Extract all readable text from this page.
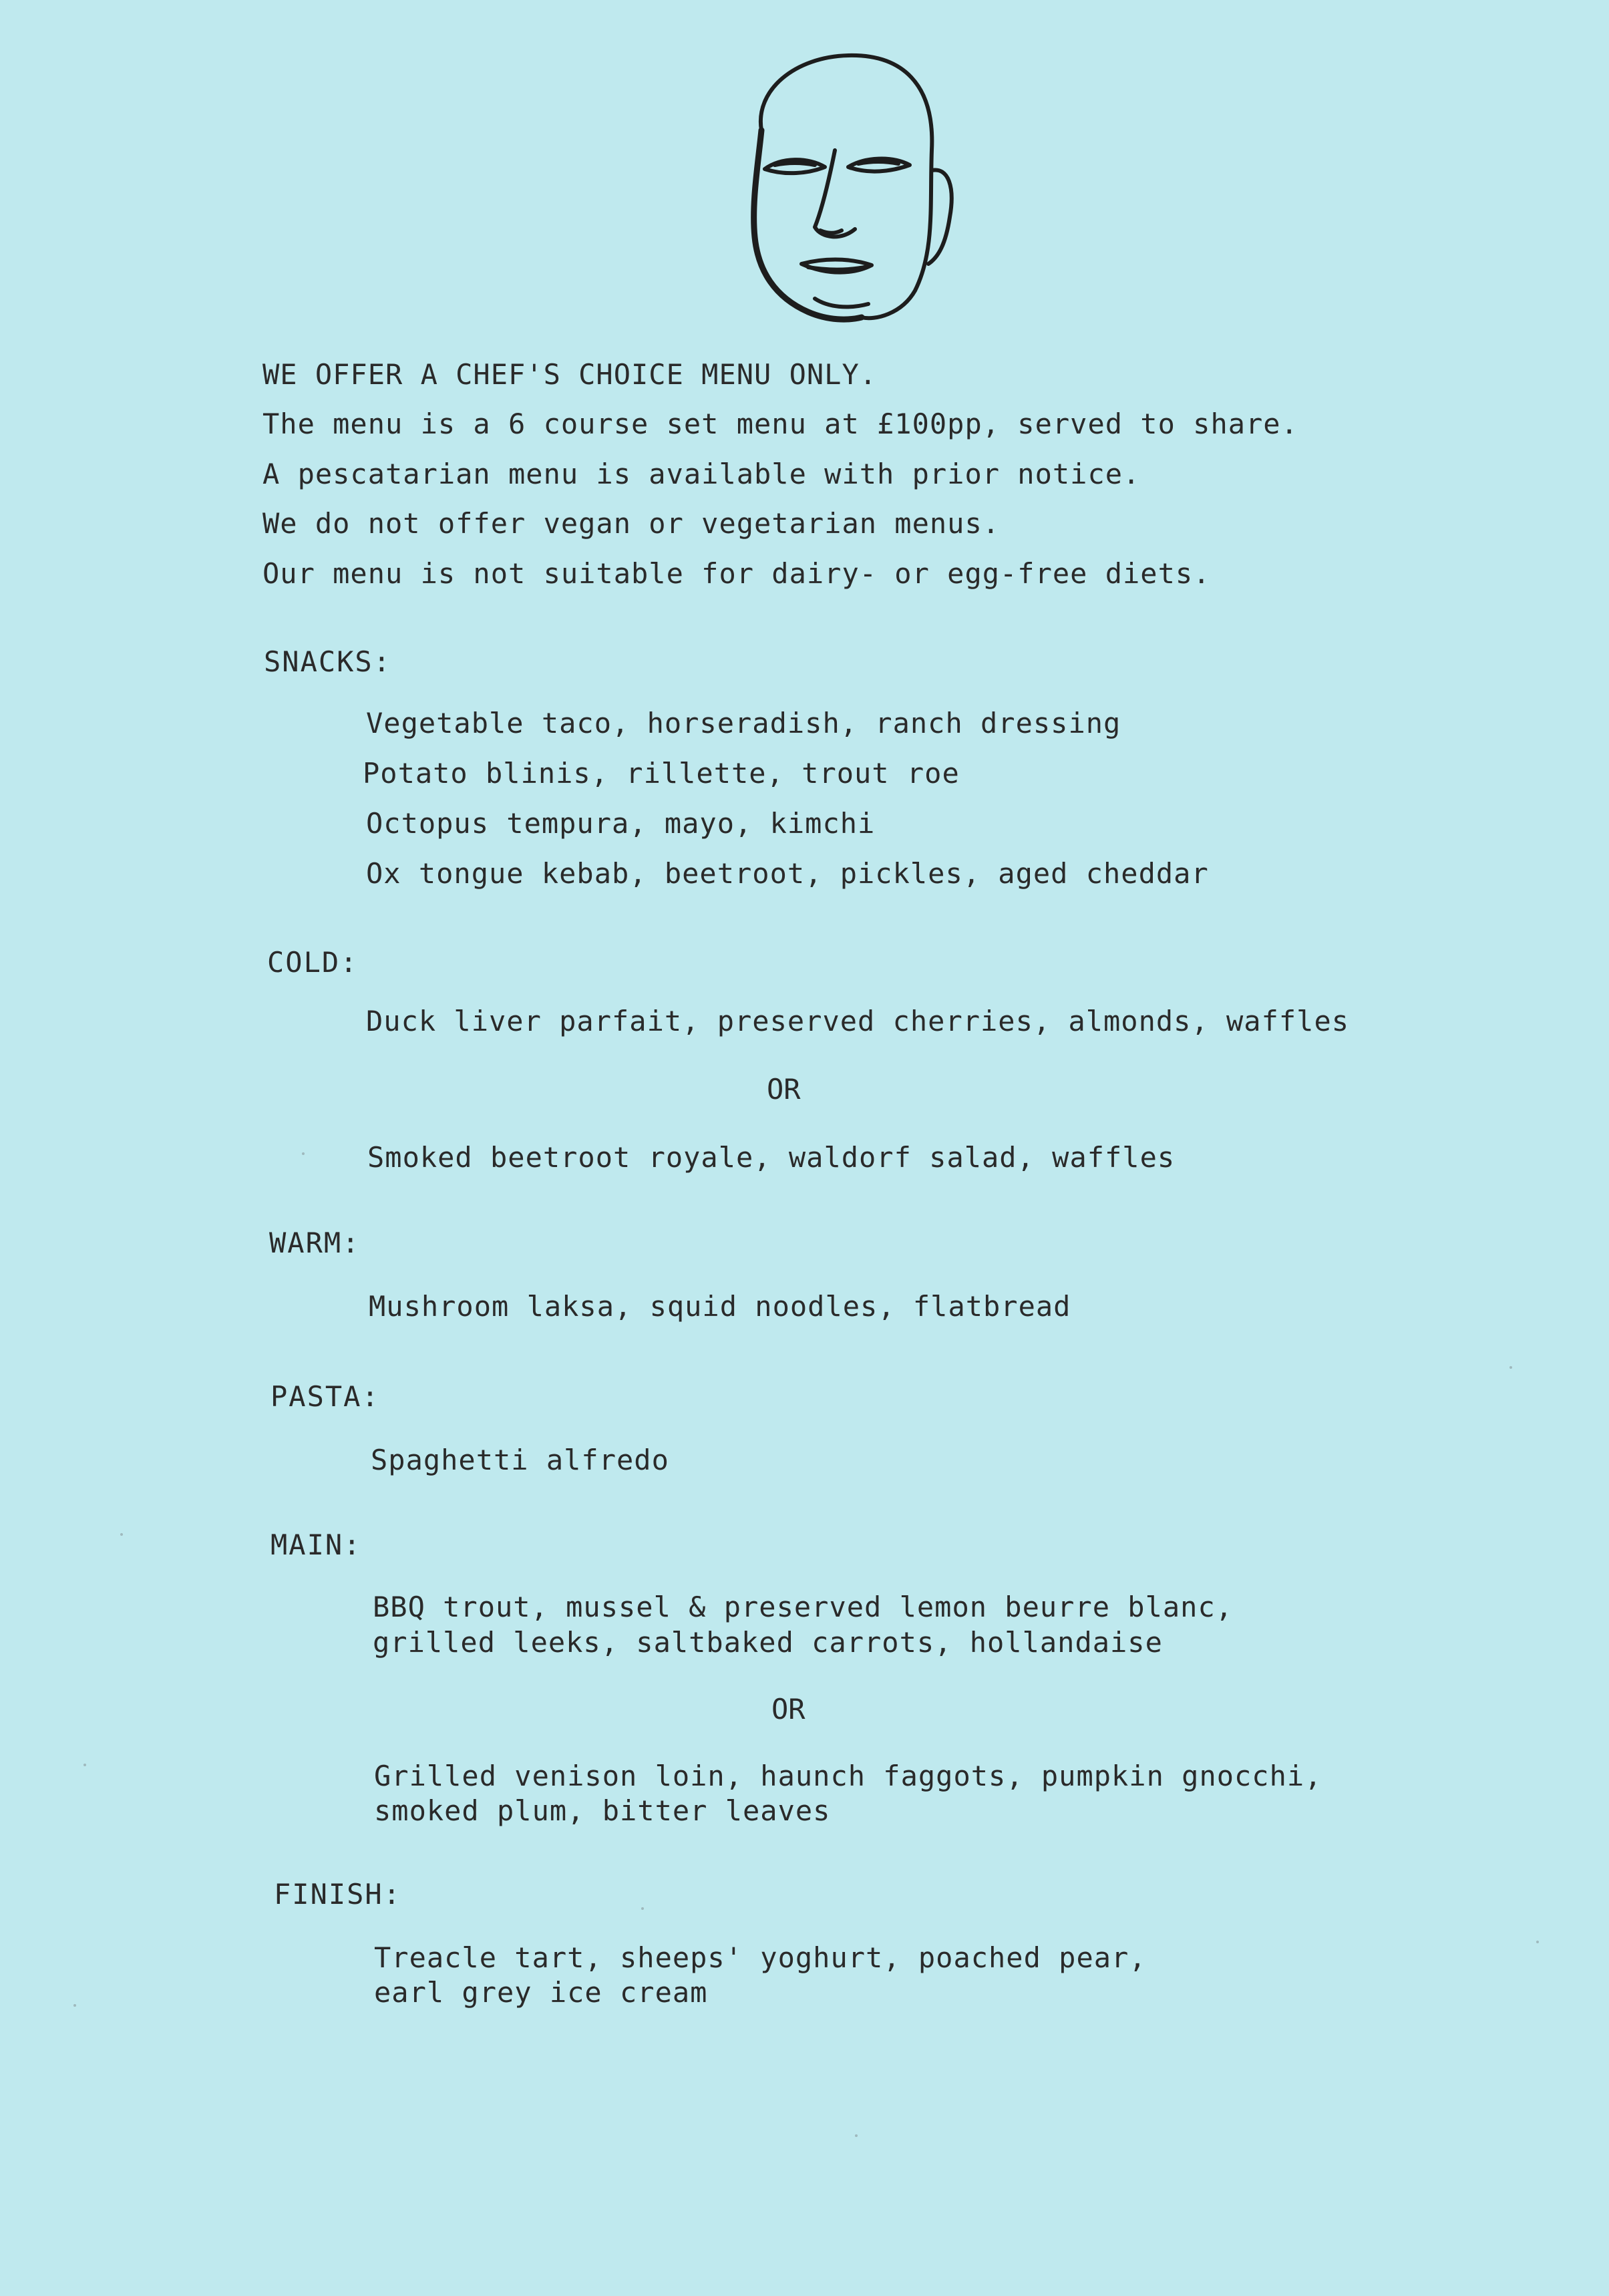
WE OFFER A CHEF'S CHOICE MENU ONLY.
The menu is a 6 course set menu at £100pp, served to share.
A pescatarian menu is available with prior notice.
We do not offer vegan or vegetarian menus.
Our menu is not suitable for dairy- or egg-free diets.
SNACKS:
Vegetable taco, horseradish, ranch dressing
Potato blinis, rillette, trout roe
Octopus tempura, mayo, kimchi
Ox tongue kebab, beetroot, pickles, aged cheddar
COLD:
Duck liver parfait, preserved cherries, almonds, waffles
OR
Smoked beetroot royale, waldorf salad, waffles
WARM:
Mushroom laksa, squid noodles, flatbread
PASTA:
Spaghetti alfredo
MAIN:
BBQ trout, mussel & preserved lemon beurre blanc,
grilled leeks, saltbaked carrots, hollandaise
OR
Grilled venison loin, haunch faggots, pumpkin gnocchi,
smoked plum, bitter leaves
FINISH:
Treacle tart, sheeps' yoghurt, poached pear,
earl grey ice cream
